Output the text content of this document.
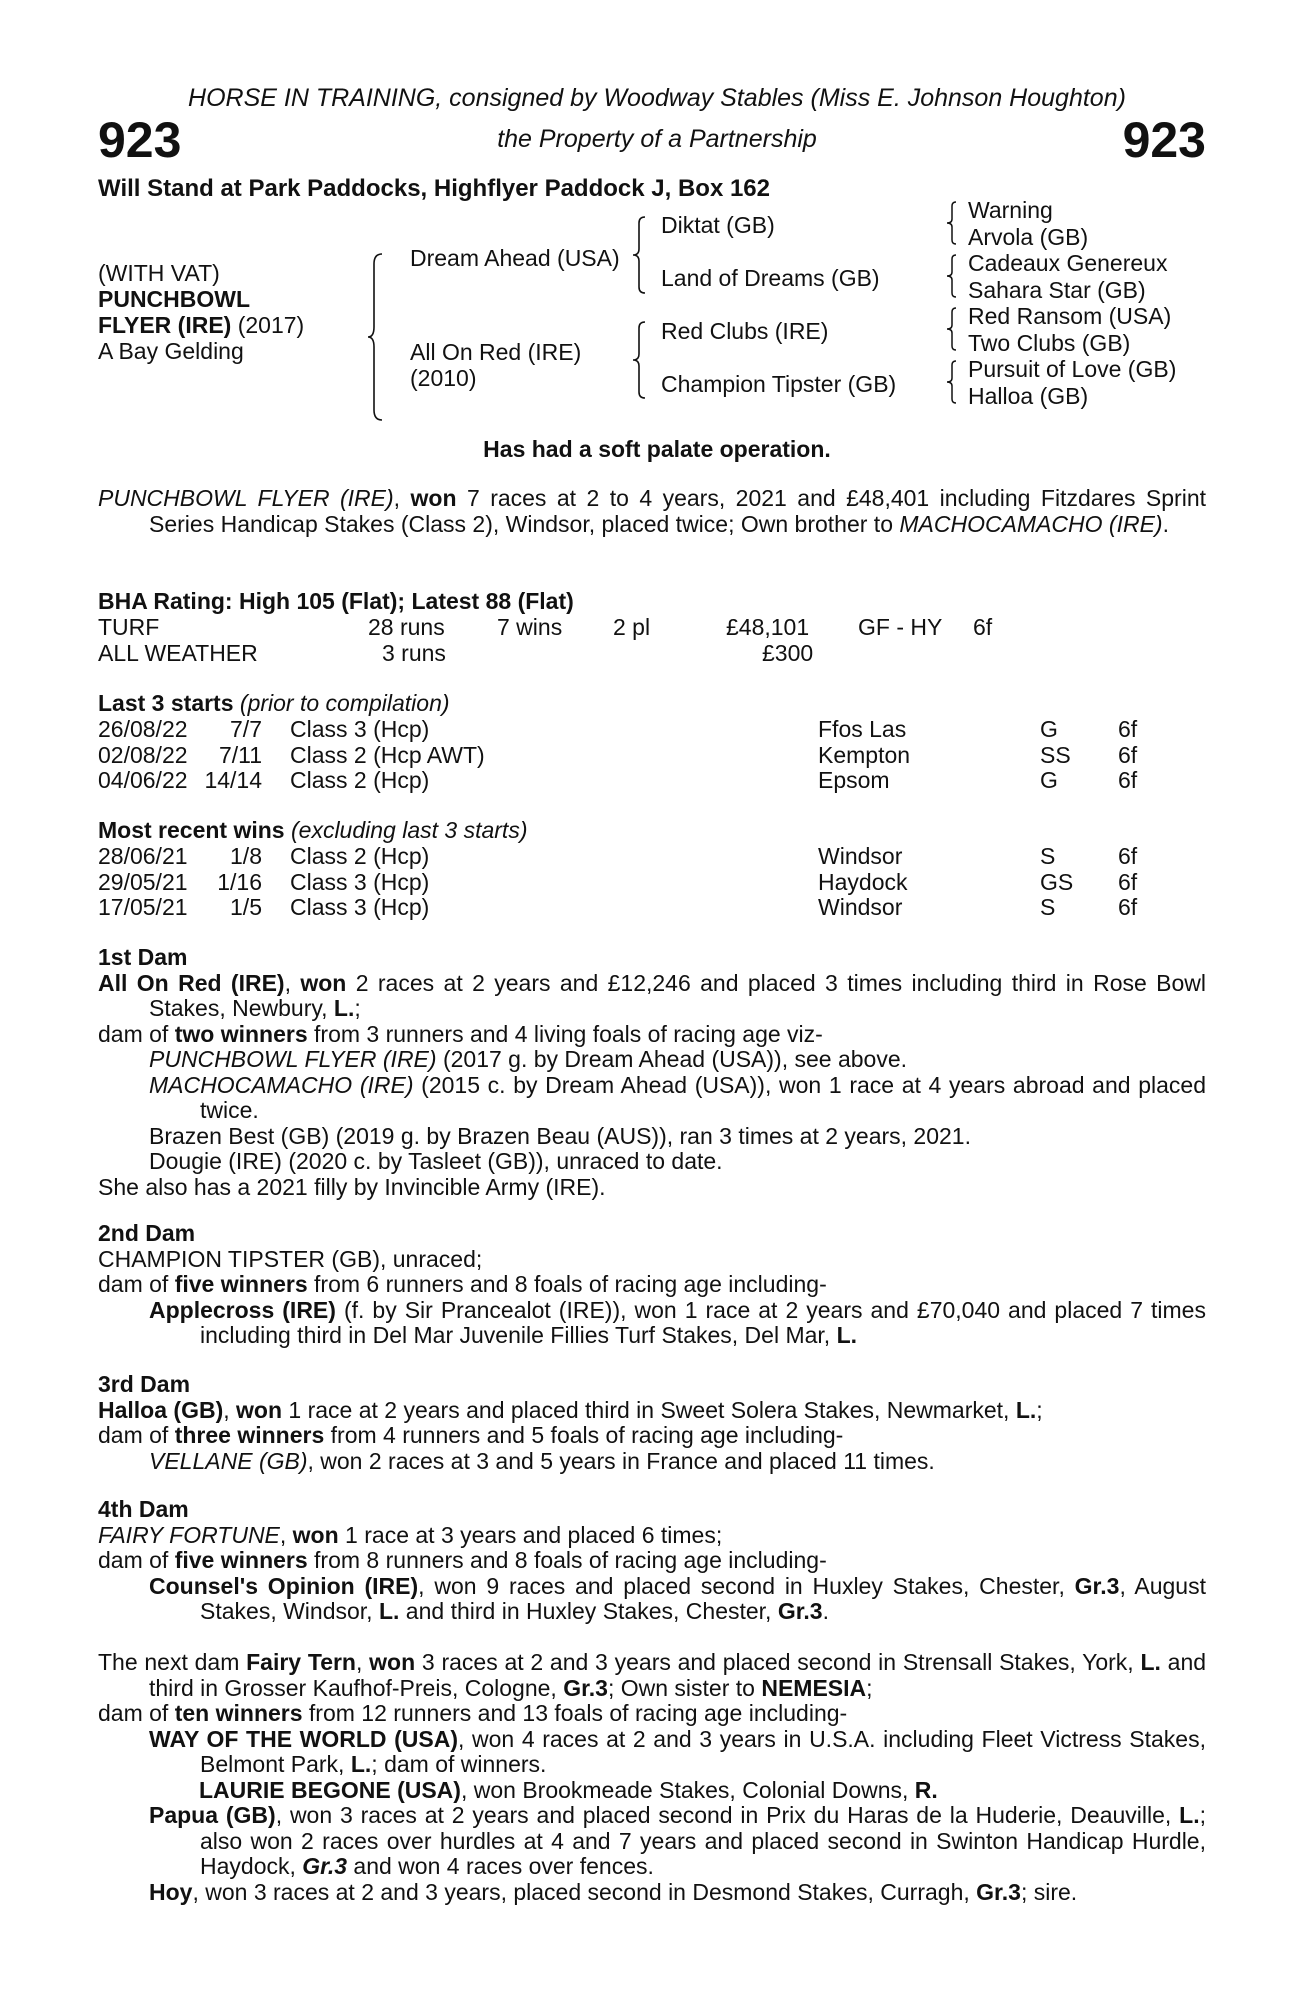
HORSE IN TRAINING, consigned by Woodway Stables (Miss E. Johnson Houghton)
923	the Property of a Partnership	923
Will Stand at Park Paddocks, Highflyer Paddock J, Box 162
(WITH VAT)
PUNCHBOWL
FLYER (IRE) (2017)
A Bay Gelding
Dream Ahead (USA)
All On Red (IRE)
(2010)
Diktat (GB)
Land of Dreams (GB)
Red Clubs (IRE)
Champion Tipster (GB)
Warning
Arvola (GB)
Cadeaux Genereux
Sahara Star (GB)
Red Ransom (USA)
Two Clubs (GB)
Pursuit of Love (GB)
Halloa (GB)
Has had a soft palate operation.

PUNCHBOWL FLYER (IRE), won 7 races at 2 to 4 years, 2021 and £48,401 including Fitzdares Sprint Series Handicap Stakes (Class 2), Windsor, placed twice; Own brother to MACHOCAMACHO (IRE).

BHA Rating: High 105 (Flat); Latest 88 (Flat)
TURF	28 runs 7 wins 2 pl	£48,101 GF - HY 6f
ALL WEATHER	3 runs	£300
Last 3 starts (prior to compilation)
26/08/22	7/7 Class 3 (Hcp)	Ffos Las	G	6f
02/08/22	7/11 Class 2 (Hcp AWT)	Kempton	SS 6f
04/06/22 14/14 Class 2 (Hcp)	Epsom	G	6f
Most recent wins (excluding last 3 starts)
28/06/21	1/8 Class 2 (Hcp)	Windsor	S	6f
29/05/21	1/16 Class 3 (Hcp)	Haydock	GS 6f
17/05/21	1/5 Class 3 (Hcp)	Windsor	S	6f

1st Dam

All On Red (IRE), won 2 races at 2 years and £12,246 and placed 3 times including third in Rose Bowl Stakes, Newbury, L.;

dam of two winners from 3 runners and 4 living foals of racing age viz-

PUNCHBOWL FLYER (IRE) (2017 g. by Dream Ahead (USA)), see above.

MACHOCAMACHO (IRE) (2015 c. by Dream Ahead (USA)), won 1 race at 4 years abroad and placed twice.

Brazen Best (GB) (2019 g. by Brazen Beau (AUS)), ran 3 times at 2 years, 2021.

Dougie (IRE) (2020 c. by Tasleet (GB)), unraced to date.

She also has a 2021 filly by Invincible Army (IRE).

2nd Dam

CHAMPION TIPSTER (GB), unraced;

dam of five winners from 6 runners and 8 foals of racing age including-

Applecross (IRE) (f. by Sir Prancealot (IRE)), won 1 race at 2 years and £70,040 and placed 7 times including third in Del Mar Juvenile Fillies Turf Stakes, Del Mar, L.

3rd Dam

Halloa (GB), won 1 race at 2 years and placed third in Sweet Solera Stakes, Newmarket, L.;

dam of three winners from 4 runners and 5 foals of racing age including-

VELLANE (GB), won 2 races at 3 and 5 years in France and placed 11 times.

4th Dam

FAIRY FORTUNE, won 1 race at 3 years and placed 6 times;

dam of five winners from 8 runners and 8 foals of racing age including-

Counsel's Opinion (IRE), won 9 races and placed second in Huxley Stakes, Chester, Gr.3, August Stakes, Windsor, L. and third in Huxley Stakes, Chester, Gr.3.

The next dam Fairy Tern, won 3 races at 2 and 3 years and placed second in Strensall Stakes, York, L. and third in Grosser Kaufhof-Preis, Cologne, Gr.3; Own sister to NEMESIA;

dam of ten winners from 12 runners and 13 foals of racing age including-

WAY OF THE WORLD (USA), won 4 races at 2 and 3 years in U.S.A. including Fleet Victress Stakes, Belmont Park, L.; dam of winners.

LAURIE BEGONE (USA), won Brookmeade Stakes, Colonial Downs, R.

Papua (GB), won 3 races at 2 years and placed second in Prix du Haras de la Huderie, Deauville, L.; also won 2 races over hurdles at 4 and 7 years and placed second in Swinton Handicap Hurdle, Haydock, Gr.3 and won 4 races over fences.

Hoy, won 3 races at 2 and 3 years, placed second in Desmond Stakes, Curragh, Gr.3; sire.
